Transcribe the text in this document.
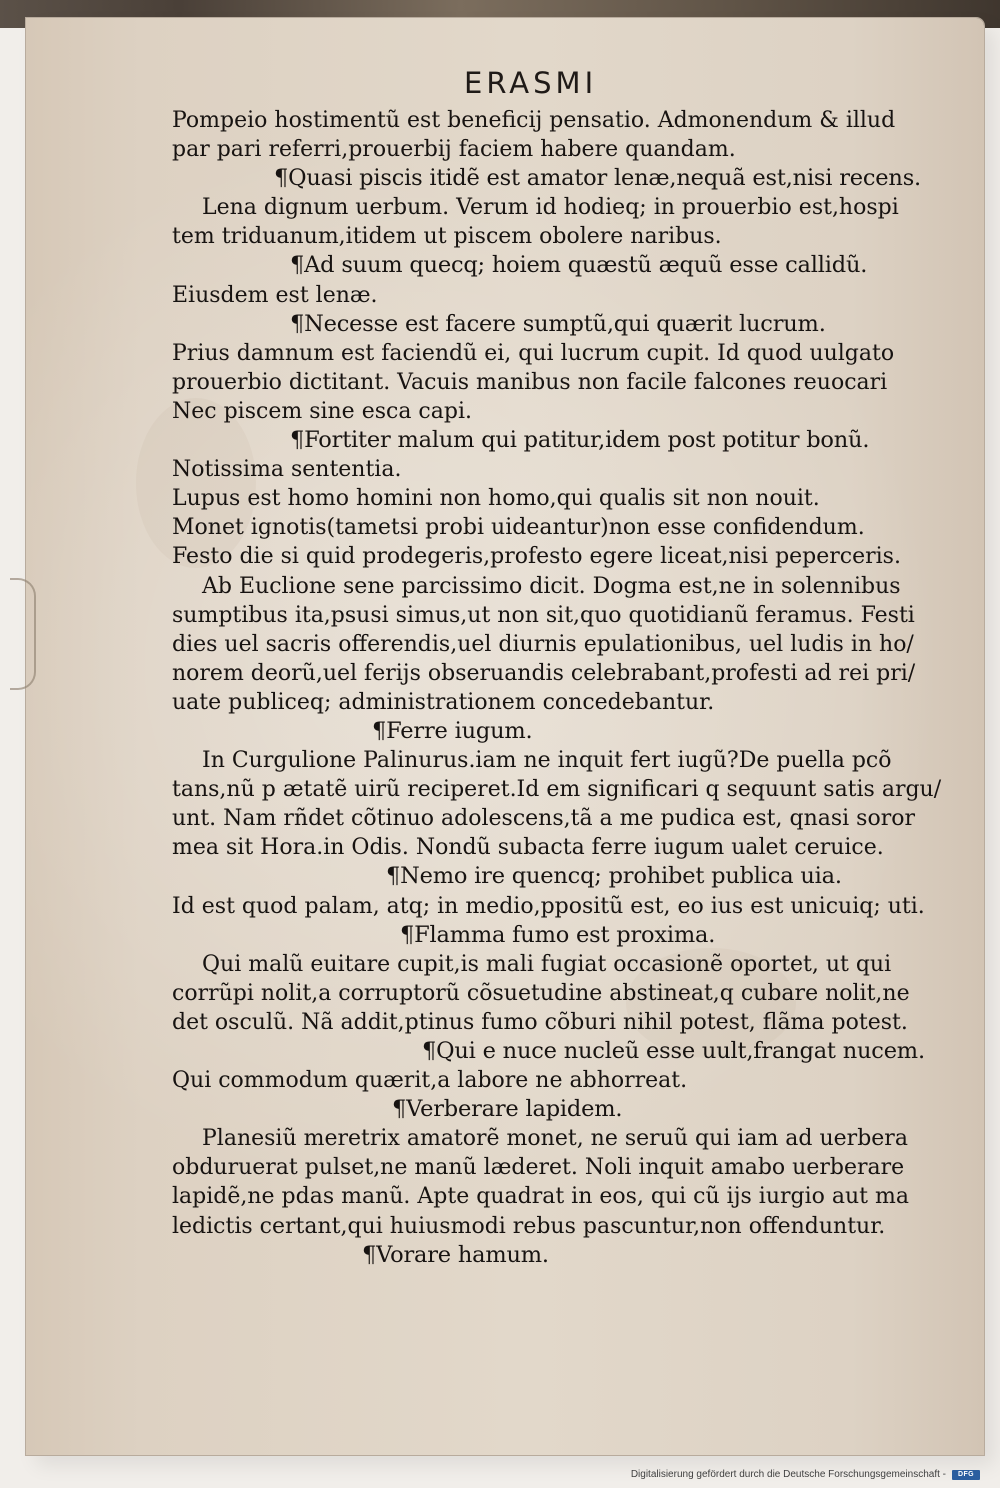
ERASMI
Pompeio hostimentũ est beneficij pensatio. Admonendum & illud
par pari referri,prouerbij faciem habere quandam.
¶Quasi piscis itidẽ est amator lenæ,nequã est,nisi recens.
Lena dignum uerbum. Verum id hodieq; in prouerbio est,hospi
tem triduanum,itidem ut piscem obolere naribus.
¶Ad suum quecq; hoiem quæstũ æquũ esse callidũ.
Eiusdem est lenæ.
¶Necesse est facere sumptũ,qui quærit lucrum.
Prius damnum est faciendũ ei, qui lucrum cupit. Id quod uulgato
prouerbio dictitant. Vacuis manibus non facile falcones reuocari
Nec piscem sine esca capi.
¶Fortiter malum qui patitur,idem post potitur bonũ.
Notissima sententia.
Lupus est homo homini non homo,qui qualis sit non nouit.
Monet ignotis(tametsi probi uideantur)non esse confidendum.
Festo die si quid prodegeris,profesto egere liceat,nisi peperceris.
Ab Euclione sene parcissimo dicit. Dogma est,ne in solennibus
sumptibus ita,psusi simus,ut non sit,quo quotidianũ feramus. Festi
dies uel sacris offerendis,uel diurnis epulationibus, uel ludis in ho/
norem deorũ,uel ferijs obseruandis celebrabant,profesti ad rei pri/
uate publiceq; administrationem concedebantur.
¶Ferre iugum.
In Curgulione Palinurus.iam ne inquit fert iugũ?De puella pcõ
tans,nũ p ætatẽ uirũ reciperet.Id em significari q sequunt satis argu/
unt. Nam rñdet cõtinuo adolescens,tã a me pudica est, qnasi soror
mea sit Hora.in Odis. Nondũ subacta ferre iugum ualet ceruice.
¶Nemo ire quencq; prohibet publica uia.
Id est quod palam, atq; in medio,ppositũ est, eo ius est unicuiq; uti.
¶Flamma fumo est proxima.
Qui malũ euitare cupit,is mali fugiat occasionẽ oportet, ut qui
corrũpi nolit,a corruptorũ cõsuetudine abstineat,q cubare nolit,ne
det osculũ. Nã addit,ptinus fumo cõburi nihil potest, flãma potest.
¶Qui e nuce nucleũ esse uult,frangat nucem.
Qui commodum quærit,a labore ne abhorreat.
¶Verberare lapidem.
Planesiũ meretrix amatorẽ monet, ne seruũ qui iam ad uerbera
obduruerat pulset,ne manũ læderet. Noli inquit amabo uerberare
lapidẽ,ne pdas manũ. Apte quadrat in eos, qui cũ ijs iurgio aut ma
ledictis certant,qui huiusmodi rebus pascuntur,non offenduntur.
¶Vorare hamum.
Digitalisierung gefördert durch die Deutsche Forschungsgemeinschaft -	DFG
